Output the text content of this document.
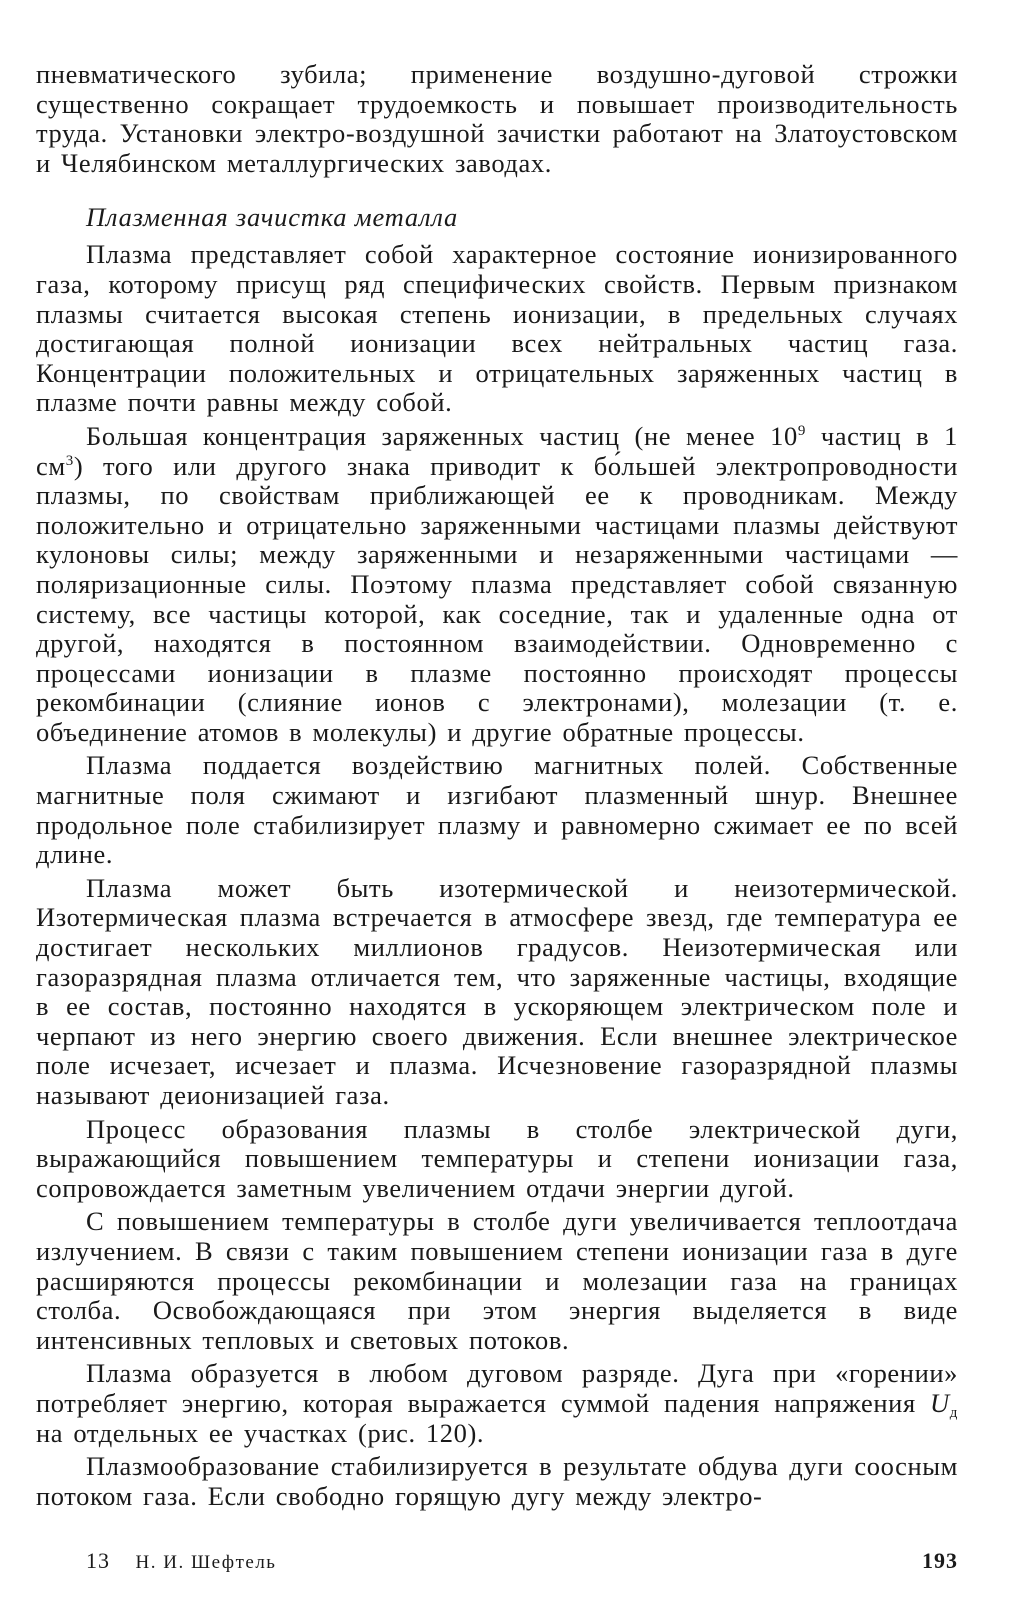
пневматического зубила; применение воздушно-дуговой строжки существенно сокращает трудоемкость и повышает производительность труда. Установки электро-воздушной зачистки работают на Златоустовском и Челябинском металлургических заводах.

Плазменная зачистка металла

Плазма представляет собой характерное состояние ионизированного газа, которому присущ ряд специфических свойств. Первым признаком плазмы считается высокая степень ионизации, в предельных случаях достигающая полной ионизации всех нейтральных частиц газа. Концентрации положительных и отрицательных заряженных частиц в плазме почти равны между собой.

Большая концентрация заряженных частиц (не менее $10^9$ частиц в 1 $см^3$) того или другого знака приводит к бо́льшей электропроводности плазмы, по свойствам приближающей ее к проводникам. Между положительно и отрицательно заряженными частицами плазмы действуют кулоновы силы; между заряженными и незаряженными частицами — поляризационные силы. Поэтому плазма представляет собой связанную систему, все частицы которой, как соседние, так и удаленные одна от другой, находятся в постоянном взаимодействии. Одновременно с процессами ионизации в плазме постоянно происходят процессы рекомбинации (слияние ионов с электронами), молезации (т. е. объединение атомов в молекулы) и другие обратные процессы.

Плазма поддается воздействию магнитных полей. Собственные магнитные поля сжимают и изгибают плазменный шнур. Внешнее продольное поле стабилизирует плазму и равномерно сжимает ее по всей длине.

Плазма может быть изотермической и неизотермической. Изотермическая плазма встречается в атмосфере звезд, где температура ее достигает нескольких миллионов градусов. Неизотермическая или газоразрядная плазма отличается тем, что заряженные частицы, входящие в ее состав, постоянно находятся в ускоряющем электрическом поле и черпают из него энергию своего движения. Если внешнее электрическое поле исчезает, исчезает и плазма. Исчезновение газоразрядной плазмы называют деионизацией газа.

Процесс образования плазмы в столбе электрической дуги, выражающийся повышением температуры и степени ионизации газа, сопровождается заметным увеличением отдачи энергии дугой.

С повышением температуры в столбе дуги увеличивается теплоотдача излучением. В связи с таким повышением степени ионизации газа в дуге расширяются процессы рекомбинации и молезации газа на границах столба. Освобождающаяся при этом энергия выделяется в виде интенсивных тепловых и световых потоков.

Плазма образуется в любом дуговом разряде. Дуга при «горении» потребляет энергию, которая выражается суммой падения напряжения $U_д$ на отдельных ее участках (рис. 120).

Плазмообразование стабилизируется в результате обдува дуги соосным потоком газа. Если свободно горящую дугу между электро-

13 Н. И. Шефтель	193
